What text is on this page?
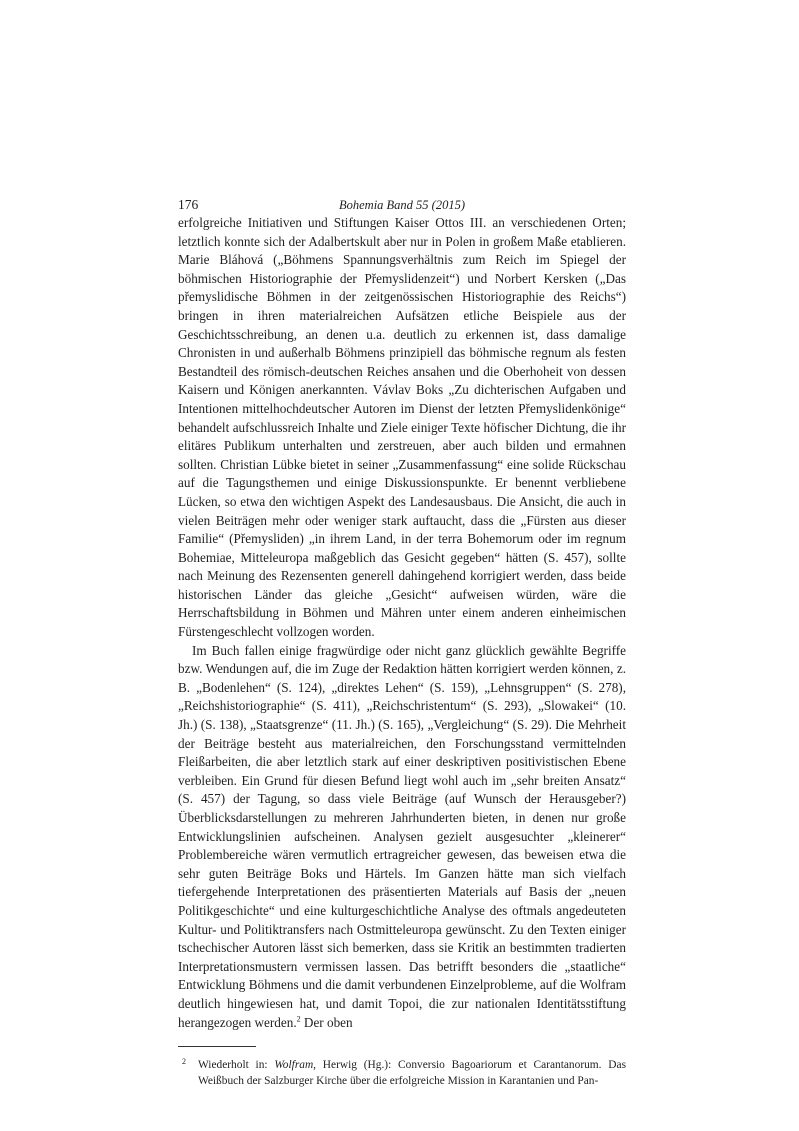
176	Bohemia Band 55 (2015)

erfolgreiche Initiativen und Stiftungen Kaiser Ottos III. an verschiedenen Orten; letztlich konnte sich der Adalbertskult aber nur in Polen in großem Maße etablieren. Marie Bláhová („Böhmens Spannungsverhältnis zum Reich im Spiegel der böhmischen Historiographie der Přemyslidenzeit“) und Norbert Kersken („Das přemyslidische Böhmen in der zeitgenössischen Historiographie des Reichs“) bringen in ihren materialreichen Aufsätzen etliche Beispiele aus der Geschichtsschreibung, an denen u.a. deutlich zu erkennen ist, dass damalige Chronisten in und außerhalb Böhmens prinzipiell das böhmische regnum als festen Bestandteil des römisch-deutschen Reiches ansahen und die Oberhoheit von dessen Kaisern und Königen anerkannten. Vávlav Boks „Zu dichterischen Aufgaben und Intentionen mittelhochdeutscher Autoren im Dienst der letzten Přemyslidenkönige“ behandelt aufschlussreich Inhalte und Ziele einiger Texte höfischer Dichtung, die ihr elitäres Publikum unterhalten und zerstreuen, aber auch bilden und ermahnen sollten. Christian Lübke bietet in seiner „Zusammenfassung“ eine solide Rückschau auf die Tagungsthemen und einige Diskussionspunkte. Er benennt verbliebene Lücken, so etwa den wichtigen Aspekt des Landesausbaus. Die Ansicht, die auch in vielen Beiträgen mehr oder weniger stark auftaucht, dass die „Fürsten aus dieser Familie“ (Přemysliden) „in ihrem Land, in der terra Bohemorum oder im regnum Bohemiae, Mitteleuropa maßgeblich das Gesicht gegeben“ hätten (S. 457), sollte nach Meinung des Rezensenten generell dahingehend korrigiert werden, dass beide historischen Länder das gleiche „Gesicht“ aufweisen würden, wäre die Herrschaftsbildung in Böhmen und Mähren unter einem anderen einheimischen Fürstengeschlecht vollzogen worden.

Im Buch fallen einige fragwürdige oder nicht ganz glücklich gewählte Begriffe bzw. Wendungen auf, die im Zuge der Redaktion hätten korrigiert werden können, z. B. „Bodenlehen“ (S. 124), „direktes Lehen“ (S. 159), „Lehnsgruppen“ (S. 278), „Reichshistoriographie“ (S. 411), „Reichschristentum“ (S. 293), „Slowakei“ (10. Jh.) (S. 138), „Staatsgrenze“ (11. Jh.) (S. 165), „Vergleichung“ (S. 29). Die Mehrheit der Beiträge besteht aus materialreichen, den Forschungsstand vermittelnden Fleißarbeiten, die aber letztlich stark auf einer deskriptiven positivistischen Ebene verbleiben. Ein Grund für diesen Befund liegt wohl auch im „sehr breiten Ansatz“ (S. 457) der Tagung, so dass viele Beiträge (auf Wunsch der Herausgeber?) Überblicksdarstellungen zu mehreren Jahrhunderten bieten, in denen nur große Entwicklungslinien aufscheinen. Analysen gezielt ausgesuchter „kleinerer“ Problembereiche wären vermutlich ertragreicher gewesen, das beweisen etwa die sehr guten Beiträge Boks und Härtels. Im Ganzen hätte man sich vielfach tiefergehende Interpretationen des präsentierten Materials auf Basis der „neuen Politikgeschichte“ und eine kulturgeschichtliche Analyse des oftmals angedeuteten Kultur- und Politiktransfers nach Ostmitteleuropa gewünscht. Zu den Texten einiger tschechischer Autoren lässt sich bemerken, dass sie Kritik an bestimmten tradierten Interpretationsmustern vermissen lassen. Das betrifft besonders die „staatliche“ Entwicklung Böhmens und die damit verbundenen Einzelprobleme, auf die Wolfram deutlich hingewiesen hat, und damit Topoi, die zur nationalen Identitätsstiftung herangezogen werden.$^2$ Der oben

2 Wiederholt in: Wolfram, Herwig (Hg.): Conversio Bagoariorum et Carantanorum. Das Weißbuch der Salzburger Kirche über die erfolgreiche Mission in Karantanien und Pan-
